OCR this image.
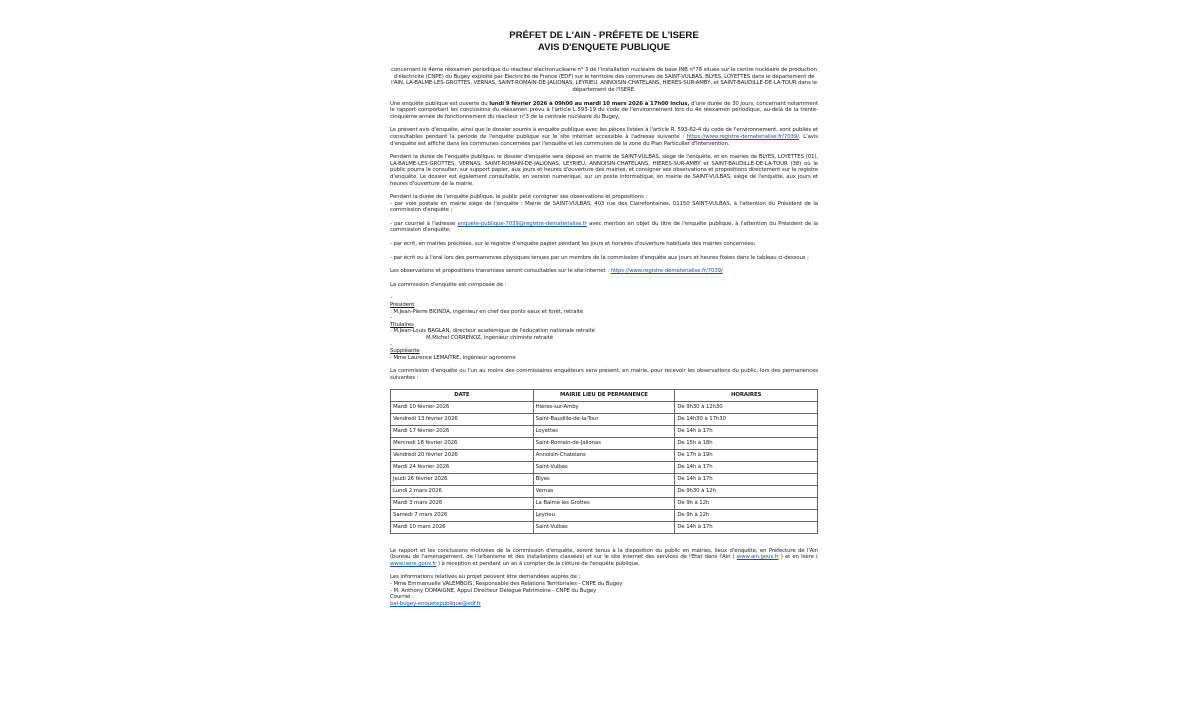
PRÉFET DE L'AIN - PRÉFETE DE L'ISERE
AVIS D'ENQUETE PUBLIQUE

concernant le 4ème réexamen périodique du réacteur électronucléaire n° 3 de l'installation nucléaire de base INB n°78 située sur le centre nucléaire de production d'électricité (CNPE) du Bugey exploité par Electricité de France (EDF) sur le territoire des communes de SAINT-VULBAS, BLYES, LOYETTES dans le département de l'AIN, LA-BALME-LES-GROTTES, VERNAS, SAINT-ROMAIN-DE-JALIONAS, LEYRIEU, ANNOISIN-CHATELANS, HIERES-SUR-AMBY, et SAINT-BAUDILLE-DE-LA-TOUR dans le département de l'ISERE.

Une enquête publique est ouverte du lundi 9 février 2026 à 09h00 au mardi 10 mars 2026 à 17h00 inclus, d'une durée de 30 jours, concernant notamment le rapport comportant les conclusions du réexamen prévu à l'article L.593-19 du code de l'environnement lors du 4e réexamen périodique, au-delà de la trente-cinquième année de fonctionnement du réacteur n°3 de la centrale nucléaire du Bugey.

Le présent avis d'enquête, ainsi que le dossier soumis à enquête publique avec les pièces listées à l'article R. 593-62-4 du code de l'environnement, sont publiés et consultables pendant la période de l'enquête publique sur le site internet accessible à l'adresse suivante : https://www.registre-dematerialise.fr/7039/. L'avis d'enquête est affiché dans les communes concernées par l'enquête et les communes de la zone du Plan Particulier d'Intervention.

Pendant la durée de l'enquête publique, le dossier d'enquête sera déposé en mairie de SAINT-VULBAS, siège de l'enquête, et en mairies de BLYES, LOYETTES (01), LA-BALME-LES-GROTTES, VERNAS, SAINT-ROMAIN-DE-JALIONAS, LEYRIEU, ANNOISIN-CHATELANS, HIERES-SUR-AMBY et SAINT-BAUDILLE-DE-LA-TOUR (38) où le public pourra le consulter, sur support papier, aux jours et heures d'ouverture des mairies, et consigner ses observations et propositions directement sur le registre d'enquête. Le dossier est également consultable, en version numérique, sur un poste informatique, en mairie de SAINT-VULBAS, siège de l'enquête, aux jours et heures d'ouverture de la mairie.

Pendant la durée de l'enquête publique, le public peut consigner ses observations et propositions :
- par voie postale en mairie siège de l'enquête : Mairie de SAINT-VULBAS, 403 rue des Clairefontaines, 01150 SAINT-VULBAS, à l'attention du Président de la commission d'enquête ;

- par courriel à l'adresse enquete-publique-7039@registre-dematerialise.fr avec mention en objet du titre de l'enquête publique, à l'attention du Président de la commission d'enquête;

- par écrit, en mairies précitées, sur le registre d'enquête papier pendant les jours et horaires d'ouverture habituels des mairies concernées;

- par écrit ou à l'oral lors des permanences physiques tenues par un membre de la commission d'enquête aux jours et heures fixées dans le tableau ci-dessous ;

Les observations et propositions transmises seront consultables sur le site internet : https://www.registre-dematerialise.fr/7039/

La commission d'enquête est composée de :

-
Président
: M.Jean-Pierre BIONDA, ingénieur en chef des ponts eaux et forêt, retraité
-
Titulaires
: M.Jean-Louis BAGLAN, directeur académique de l'éducation nationale retraité
M.Michel CORRENOZ, ingénieur chimiste retraité
-
Suppléante
: Mme Laurence LEMAITRE, ingénieur agronome

La commission d'enquête ou l'un au moins des commissaires enquêteurs sera présent, en mairie, pour recevoir les observations du public, lors des permanences suivantes :

DATE	MAIRIE LIEU DE PERMANENCE	HORAIRES
Mardi 10 février 2026	Hières-sur-Amby	De 9h30 à 12h30
Vendredi 13 février 2026	Saint-Baudille-de-la-Tour	De 14h30 à 17h30
Mardi 17 février 2026	Loyettes	De 14h à 17h
Mercredi 18 février 2026	Saint-Romain-de-Jalionas	De 15h à 18h
Vendredi 20 février 2026	Annoisin-Chatelans	De 17h à 19h
Mardi 24 février 2026	Saint-Vulbas	De 14h à 17h
Jeudi 26 février 2026	Blyes	De 14h à 17h
Lundi 2 mars 2026	Vernas	De 9h30 à 12h
Mardi 3 mars 2026	La Balme les Grottes	De 9h à 12h
Samedi 7 mars 2026	Leyrieu	De 9h à 12h
Mardi 10 mars 2026	Saint-Vulbas	De 14h à 17h

Le rapport et les conclusions motivées de la commission d'enquête, seront tenus à la disposition du public en mairies, lieux d'enquête, en Préfecture de l'Ain (bureau de l'aménagement, de l'urbanisme et des installations classées) et sur le site internet des services de l'Etat dans l'Ain ( www.ain.gouv.fr ) et en Isère ( www.isere.gouv.fr ) à réception et pendant un an à compter de la clôture de l'enquête publique.

Les informations relatives au projet peuvent être demandées auprès de :
- Mme Emmanuelle VALEMBOIS, Responsable des Relations Territoriales - CNPE du Bugey
- M. Anthony DOMAIGNE, Appui Directeur Délégué Patrimoine - CNPE du Bugey
Courriel :
bal-bugey-enquetepublique@edf.fr
